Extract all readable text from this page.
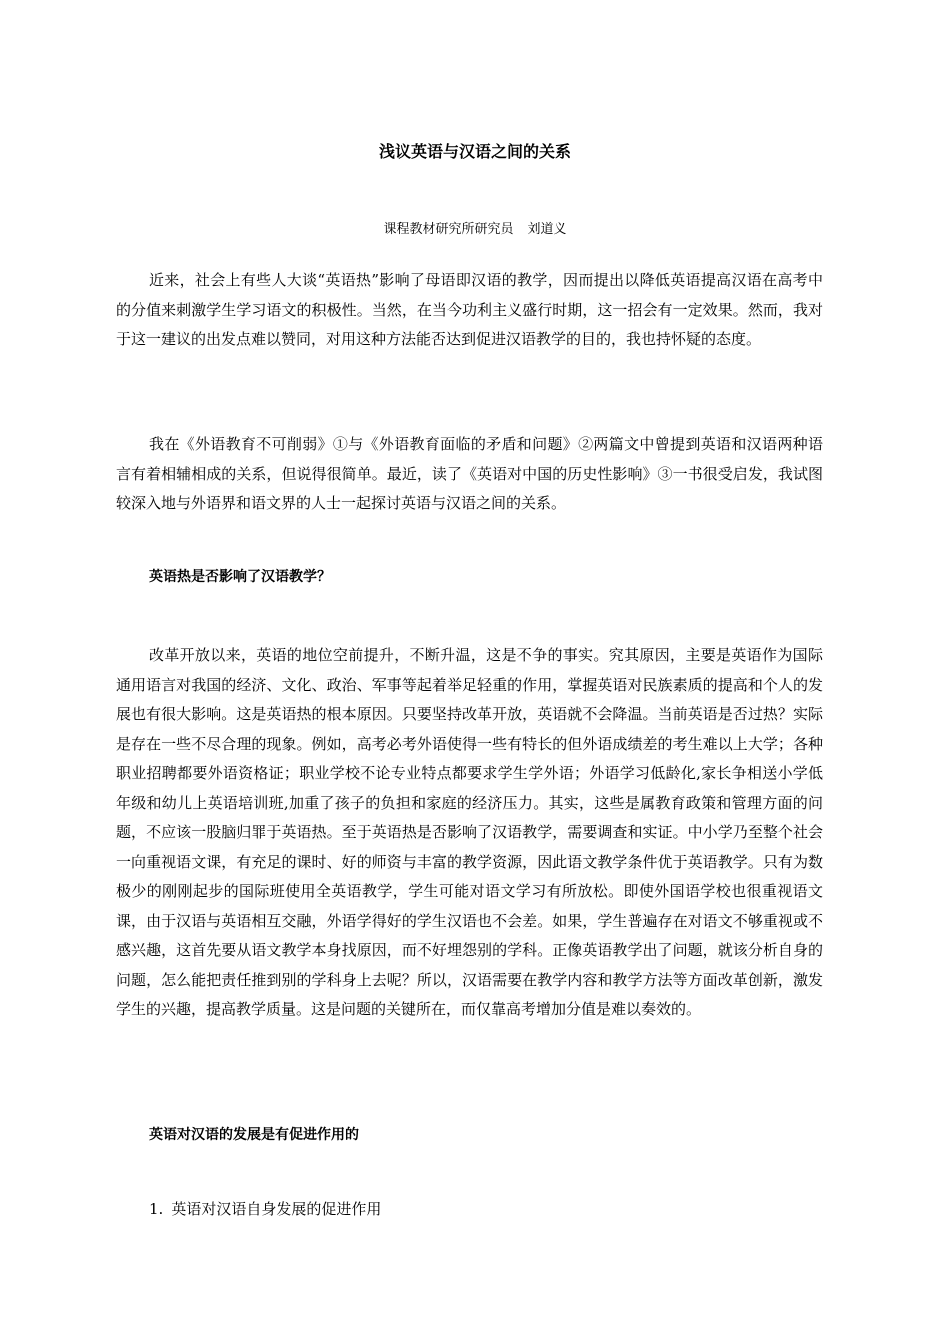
浅议英语与汉语之间的关系
课程教材研究所研究员 刘道义

近来，社会上有些人大谈“英语热”影响了母语即汉语的教学，因而提出以降低英语提高汉语在高考中的分值来刺激学生学习语文的积极性。当然，在当今功利主义盛行时期，这一招会有一定效果。然而，我对于这一建议的出发点难以赞同，对用这种方法能否达到促进汉语教学的目的，我也持怀疑的态度。

我在《外语教育不可削弱》①与《外语教育面临的矛盾和问题》②两篇文中曾提到英语和汉语两种语言有着相辅相成的关系，但说得很简单。最近，读了《英语对中国的历史性影响》③一书很受启发，我试图较深入地与外语界和语文界的人士一起探讨英语与汉语之间的关系。

英语热是否影响了汉语教学？

改革开放以来，英语的地位空前提升，不断升温，这是不争的事实。究其原因，主要是英语作为国际通用语言对我国的经济、文化、政治、军事等起着举足轻重的作用，掌握英语对民族素质的提高和个人的发展也有很大影响。这是英语热的根本原因。只要坚持改革开放，英语就不会降温。当前英语是否过热？实际是存在一些不尽合理的现象。例如，高考必考外语使得一些有特长的但外语成绩差的考生难以上大学；各种职业招聘都要外语资格证；职业学校不论专业特点都要求学生学外语；外语学习低龄化,家长争相送小学低年级和幼儿上英语培训班,加重了孩子的负担和家庭的经济压力。其实，这些是属教育政策和管理方面的问题，不应该一股脑归罪于英语热。至于英语热是否影响了汉语教学，需要调查和实证。中小学乃至整个社会一向重视语文课，有充足的课时、好的师资与丰富的教学资源，因此语文教学条件优于英语教学。只有为数极少的刚刚起步的国际班使用全英语教学，学生可能对语文学习有所放松。即使外国语学校也很重视语文课，由于汉语与英语相互交融，外语学得好的学生汉语也不会差。如果，学生普遍存在对语文不够重视或不感兴趣，这首先要从语文教学本身找原因，而不好埋怨别的学科。正像英语教学出了问题，就该分析自身的问题，怎么能把责任推到别的学科身上去呢？所以，汉语需要在教学内容和教学方法等方面改革创新，激发学生的兴趣，提高教学质量。这是问题的关键所在，而仅靠高考增加分值是难以奏效的。

英语对汉语的发展是有促进作用的

1. 英语对汉语自身发展的促进作用
